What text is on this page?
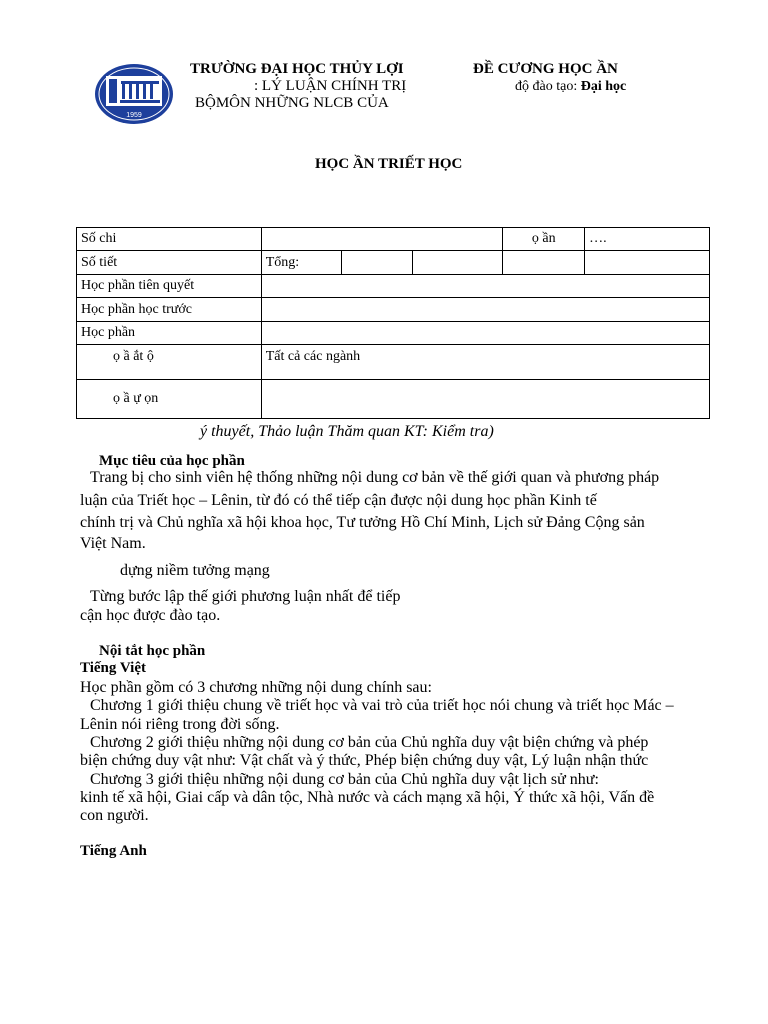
1959
TRƯỜNG ĐẠI HỌC THỦY LỢI
: LÝ LUẬN CHÍNH TRỊ
BỘMÔN NHỮNG NLCB CỦA
ĐỀ CƯƠNG HỌC ẦN
độ đào tạo: Đại học
HỌC ẦN TRIẾT HỌC
Số chi				ọ ần	….
Số tiết	Tổng:				
Học phần tiên quyết					
Học phần học trước					
Học phần					
ọ ầ ắt ộ	Tất cả các ngành				
ọ ầ ự ọn					
ý thuyết, Thảo luận Thăm quan KT: Kiểm tra)
Mục tiêu của học phần
Trang bị cho sinh viên hệ thống những nội dung cơ bản về thế giới quan và phương pháp
luận của Triết học – Lênin, từ đó có thể tiếp cận được nội dung học phần Kinh tế
chính trị và Chủ nghĩa xã hội khoa học, Tư tưởng Hồ Chí Minh, Lịch sử Đảng Cộng sản
Việt Nam.
dựng niềm tưởng mạng
Từng bước lập thế giới phương luận nhất để tiếp
cận học được đào tạo.
Nội tắt học phần
Tiếng Việt
Học phần gồm có 3 chương những nội dung chính sau:
Chương 1 giới thiệu chung về triết học và vai trò của triết học nói chung và triết học Mác –
Lênin nói riêng trong đời sống.
Chương 2 giới thiệu những nội dung cơ bản của Chủ nghĩa duy vật biện chứng và phép
biện chứng duy vật như: Vật chất và ý thức, Phép biện chứng duy vật, Lý luận nhận thức
Chương 3 giới thiệu những nội dung cơ bản của Chủ nghĩa duy vật lịch sử như:
kinh tế xã hội, Giai cấp và dân tộc, Nhà nước và cách mạng xã hội, Ý thức xã hội, Vấn đề
con người.
Tiếng Anh
